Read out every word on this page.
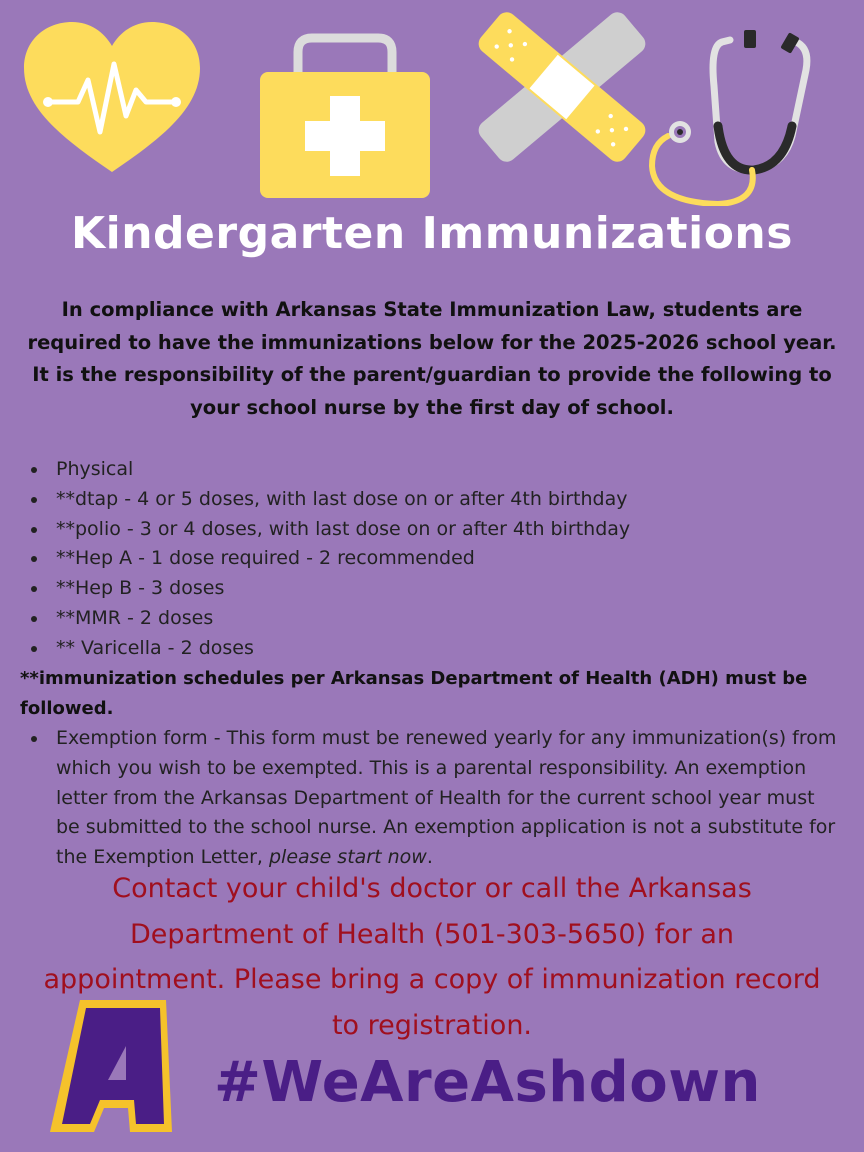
Kindergarten Immunizations
In compliance with Arkansas State Immunization Law, students are required to have the immunizations below for the 2025-2026 school year. It is the responsibility of the parent/guardian to provide the following to your school nurse by the first day of school.
Physical
**dtap - 4 or 5 doses, with last dose on or after 4th birthday
**polio - 3 or 4 doses, with last dose on or after 4th birthday
**Hep A - 1 dose required - 2 recommended
**Hep B - 3 doses
**MMR - 2 doses
** Varicella - 2 doses
**immunization schedules per Arkansas Department of Health (ADH) must be followed.
Exemption form - This form must be renewed yearly for any immunization(s) from which you wish to be exempted. This is a parental responsibility. An exemption letter from the Arkansas Department of Health for the current school year must be submitted to the school nurse. An exemption application is not a substitute for the Exemption Letter, please start now.
Contact your child's doctor or call the Arkansas Department of Health (501-303-5650) for an appointment. Please bring a copy of immunization record to registration.
A
#WeAreAshdown
